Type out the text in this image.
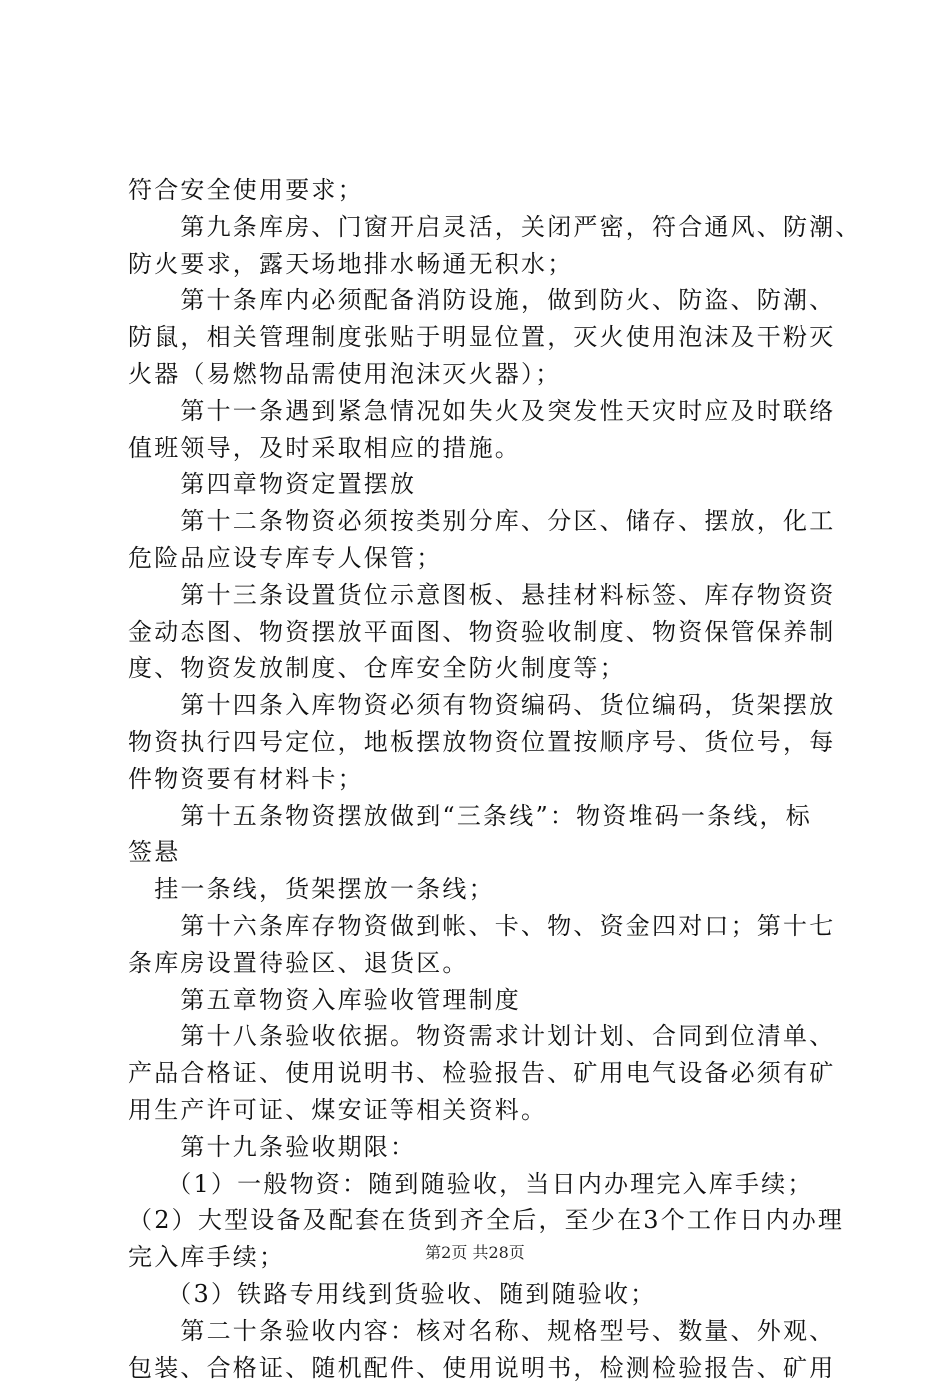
符合安全使用要求；
第九条库房、门窗开启灵活，关闭严密，符合通风、防潮、
防火要求，露天场地排水畅通无积水；
第十条库内必须配备消防设施，做到防火、防盗、防潮、
防鼠，相关管理制度张贴于明显位置，灭火使用泡沫及干粉灭
火器（易燃物品需使用泡沫灭火器）；
第十一条遇到紧急情况如失火及突发性天灾时应及时联络
值班领导，及时采取相应的措施。
第四章物资定置摆放
第十二条物资必须按类别分库、分区、储存、摆放，化工
危险品应设专库专人保管；
第十三条设置货位示意图板、悬挂材料标签、库存物资资
金动态图、物资摆放平面图、物资验收制度、物资保管保养制
度、物资发放制度、仓库安全防火制度等；
第十四条入库物资必须有物资编码、货位编码，货架摆放
物资执行四号定位，地板摆放物资位置按顺序号、货位号，每
件物资要有材料卡；
第十五条物资摆放做到“三条线”：物资堆码一条线，标
签悬
挂一条线，货架摆放一条线；
第十六条库存物资做到帐、卡、物、资金四对口；第十七
条库房设置待验区、退货区。
第五章物资入库验收管理制度
第十八条验收依据。物资需求计划计划、合同到位清单、
产品合格证、使用说明书、检验报告、矿用电气设备必须有矿
用生产许可证、煤安证等相关资料。
第十九条验收期限：
（1）一般物资：随到随验收，当日内办理完入库手续；
（2）大型设备及配套在货到齐全后，至少在3个工作日内办理
完入库手续；
（3）铁路专用线到货验收、随到随验收；
第二十条验收内容：核对名称、规格型号、数量、外观、
包装、合格证、随机配件、使用说明书，检测检验报告、矿用
第2页 共28页
